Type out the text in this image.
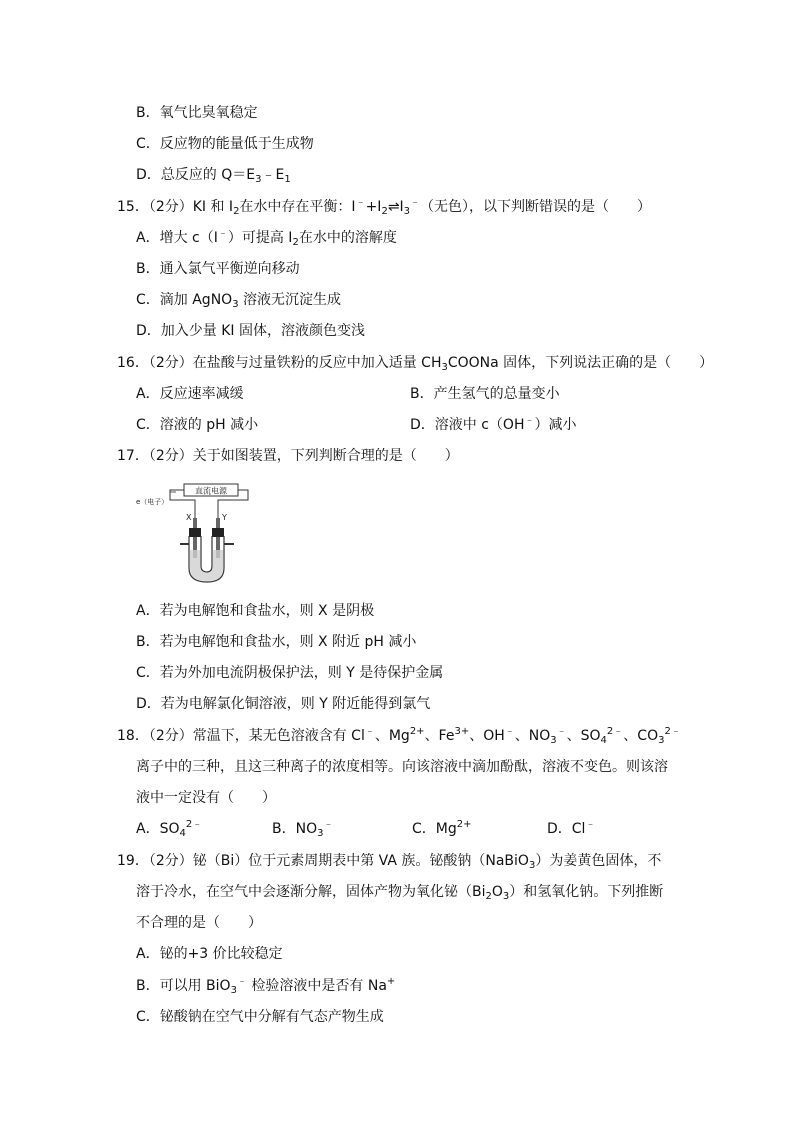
B．氧气比臭氧稳定
C．反应物的能量低于生成物
D．总反应的 $Q=E_3﹣E_1$
15．（2分）KI 和 $I_2$在水中存在平衡：$I^﹣+I_2\rightleftharpoons I_3^﹣$（无色），以下判断错误的是（　　）
A．增大 c（I﹣）可提高 $I_2$在水中的溶解度
B．通入氯气平衡逆向移动
C．滴加 AgNO$_3$ 溶液无沉淀生成
D．加入少量 KI 固体，溶液颜色变浅
16．（2分）在盐酸与过量铁粉的反应中加入适量 $CH_3COONa$ 固体，下列说法正确的是（　　）
A．反应速率减缓	B．产生氢气的总量变小
C．溶液的 pH 减小	D．溶液中 c（OH﹣）减小
17．（2分）关于如图装置，下列判断合理的是（　　）
直流电源
e（电子）
X	Y
A．若为电解饱和食盐水，则 X 是阴极
B．若为电解饱和食盐水，则 X 附近 pH 减小
C．若为外加电流阴极保护法，则 Y 是待保护金属
D．若为电解氯化铜溶液，则 Y 附近能得到氯气
18．（2分）常温下，某无色溶液含有 Cl﹣、$Mg^{2+}$、$Fe^{3+}$、OH﹣、$NO_3^﹣$、$SO_4^{2﹣}$、$CO_3^{2﹣}$
离子中的三种，且这三种离子的浓度相等。向该溶液中滴加酚酞，溶液不变色。则该溶
液中一定没有（　　）
A．$SO_4^{2﹣}$	B．$NO_3^﹣$	C．$Mg^{2+}$	D．Cl﹣
19．（2分）铋（Bi）位于元素周期表中第 VA 族。铋酸钠（NaBiO$_3$）为姜黄色固体，不
溶于冷水，在空气中会逐渐分解，固体产物为氧化铋$(Bi_2O_3)$和氢氧化钠。下列推断
不合理的是（　　）
A．铋的+3 价比较稳定
B．可以用 BiO$_3$﹣ 检验溶液中是否有 Na+
C．铋酸钠在空气中分解有气态产物生成
